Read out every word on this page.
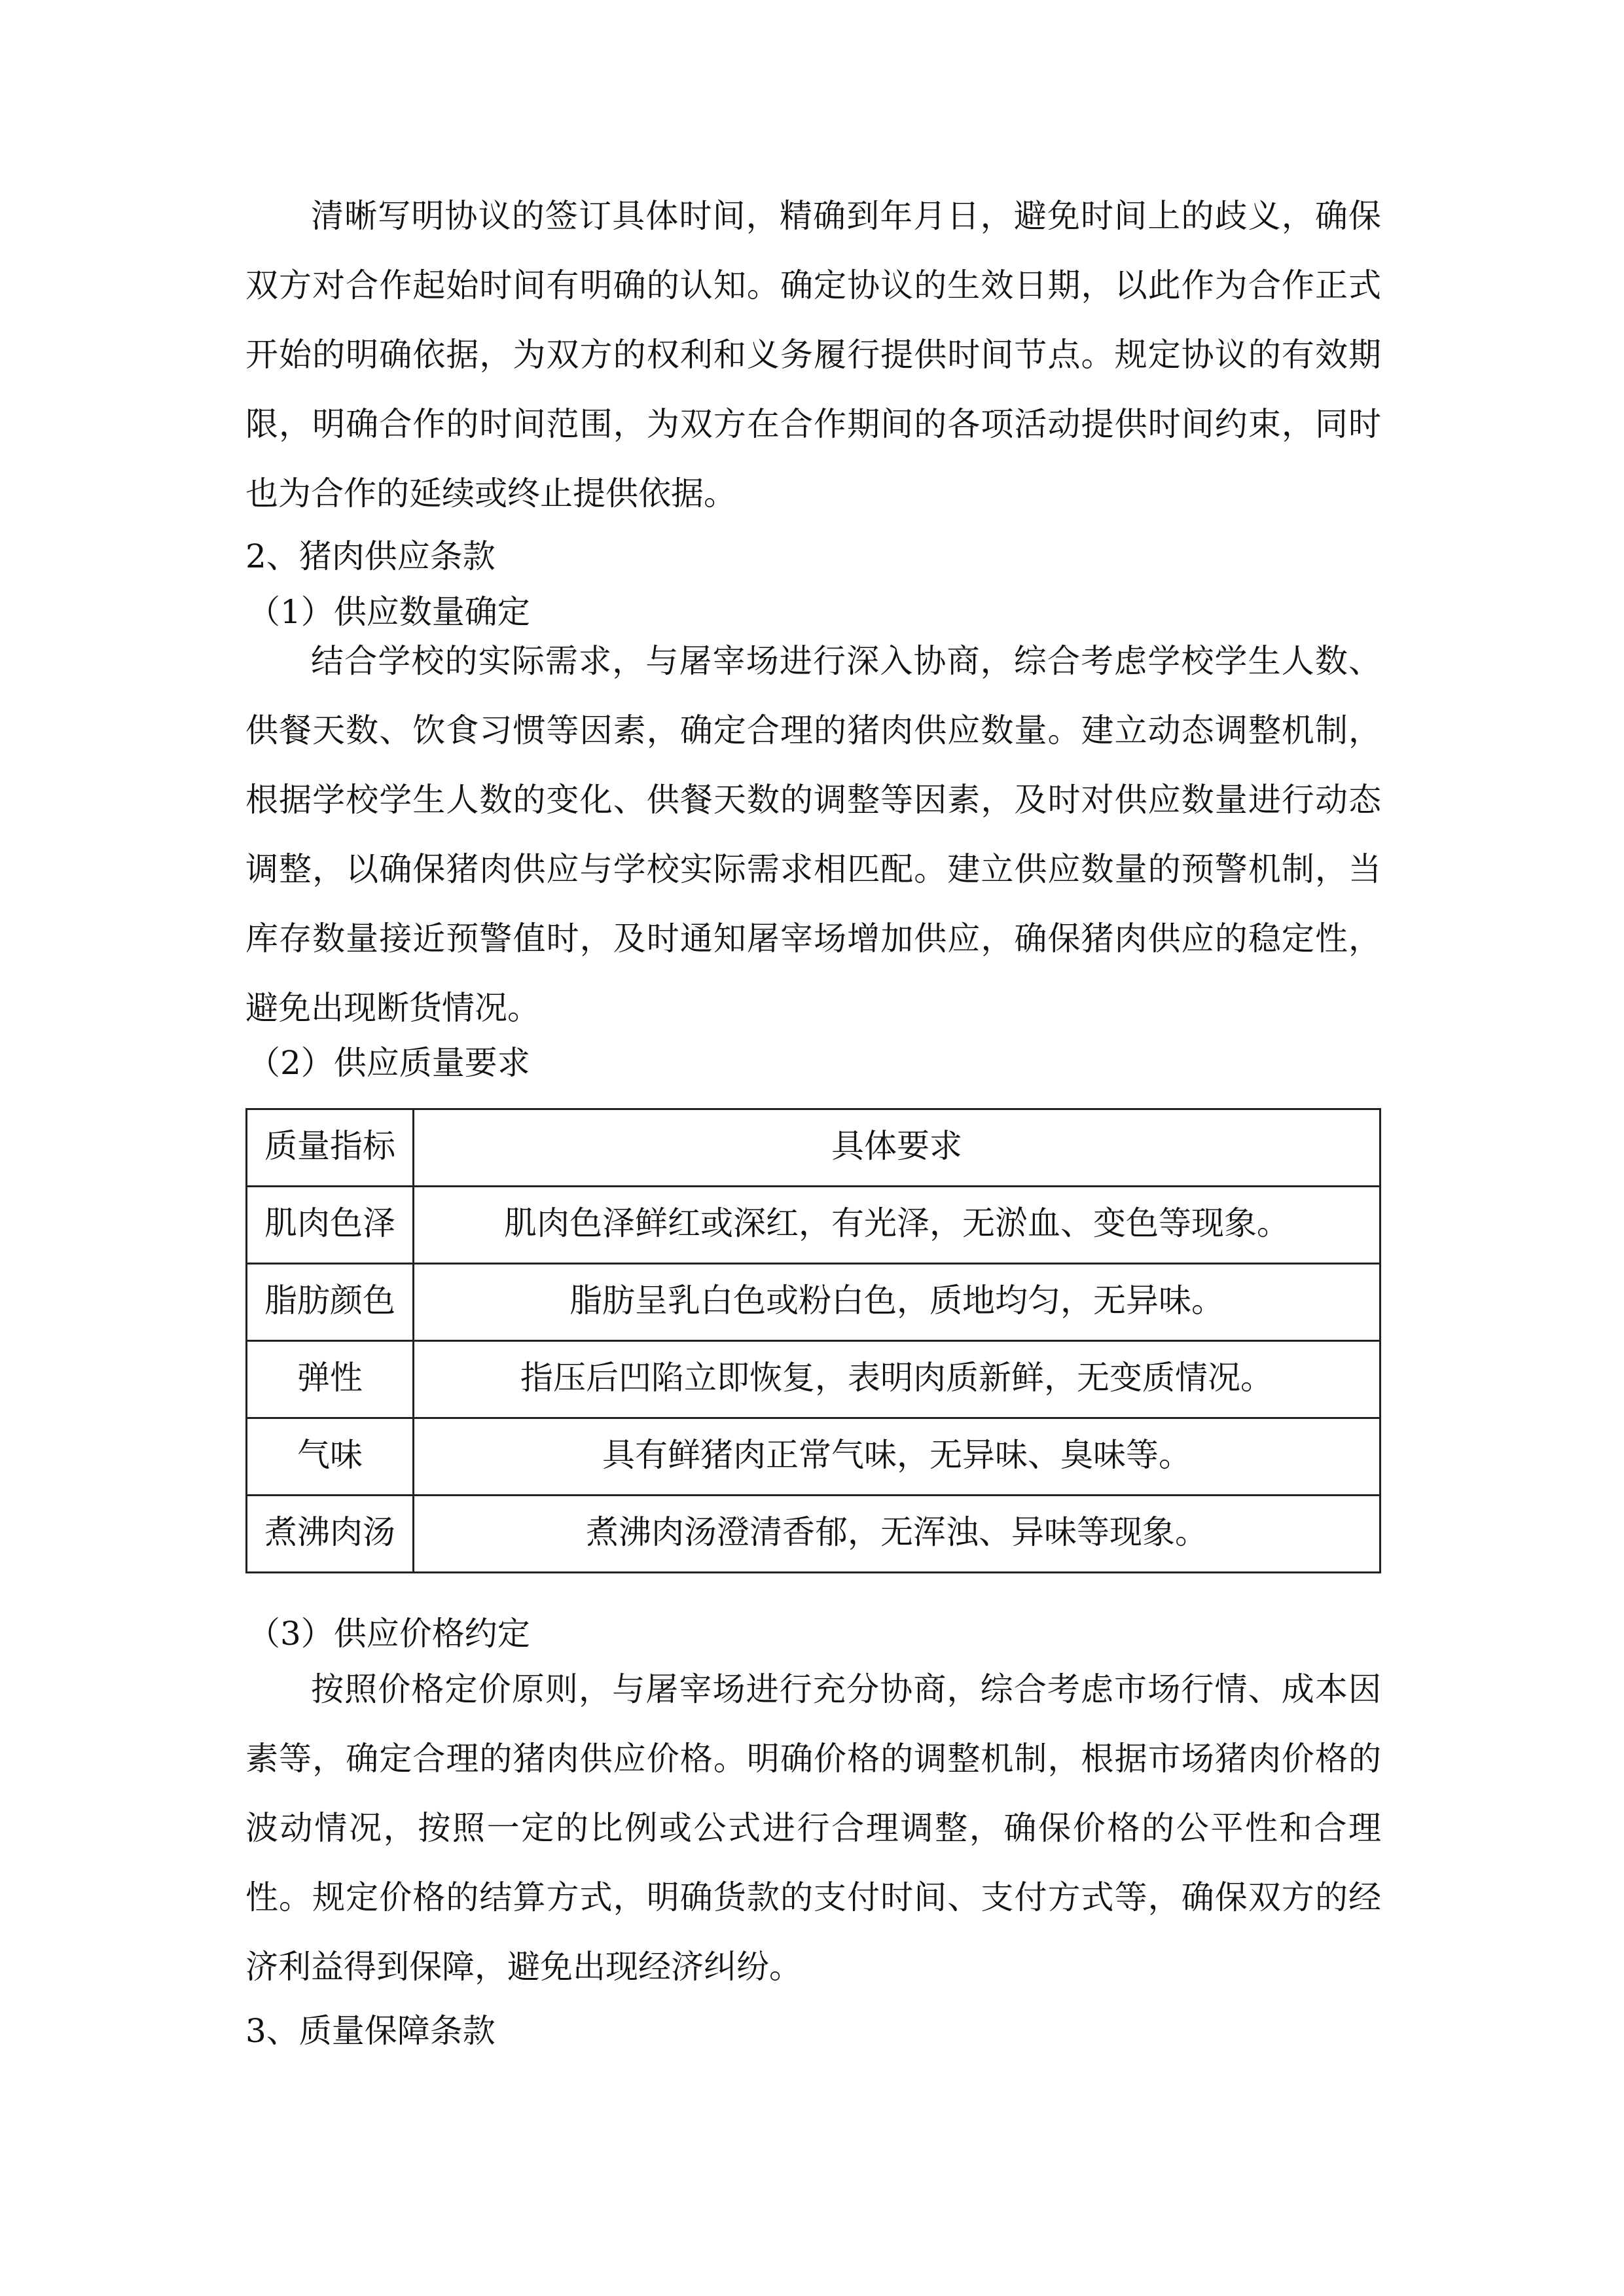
清晰写明协议的签订具体时间，精确到年月日，避免时间上的歧义，确保双方对合作起始时间有明确的认知。确定协议的生效日期，以此作为合作正式开始的明确依据，为双方的权利和义务履行提供时间节点。规定协议的有效期限，明确合作的时间范围，为双方在合作期间的各项活动提供时间约束，同时也为合作的延续或终止提供依据。

2、猪肉供应条款
（1）供应数量确定

结合学校的实际需求，与屠宰场进行深入协商，综合考虑学校学生人数、供餐天数、饮食习惯等因素，确定合理的猪肉供应数量。建立动态调整机制，根据学校学生人数的变化、供餐天数的调整等因素，及时对供应数量进行动态调整，以确保猪肉供应与学校实际需求相匹配。建立供应数量的预警机制，当库存数量接近预警值时，及时通知屠宰场增加供应，确保猪肉供应的稳定性，避免出现断货情况。

（2）供应质量要求
质量指标	具体要求
肌肉色泽	肌肉色泽鲜红或深红，有光泽，无淤血、变色等现象。
脂肪颜色	脂肪呈乳白色或粉白色，质地均匀，无异味。
弹性	指压后凹陷立即恢复，表明肉质新鲜，无变质情况。
气味	具有鲜猪肉正常气味，无异味、臭味等。
煮沸肉汤	煮沸肉汤澄清香郁，无浑浊、异味等现象。
（3）供应价格约定

按照价格定价原则，与屠宰场进行充分协商，综合考虑市场行情、成本因素等，确定合理的猪肉供应价格。明确价格的调整机制，根据市场猪肉价格的波动情况，按照一定的比例或公式进行合理调整，确保价格的公平性和合理性。规定价格的结算方式，明确货款的支付时间、支付方式等，确保双方的经济利益得到保障，避免出现经济纠纷。

3、质量保障条款
